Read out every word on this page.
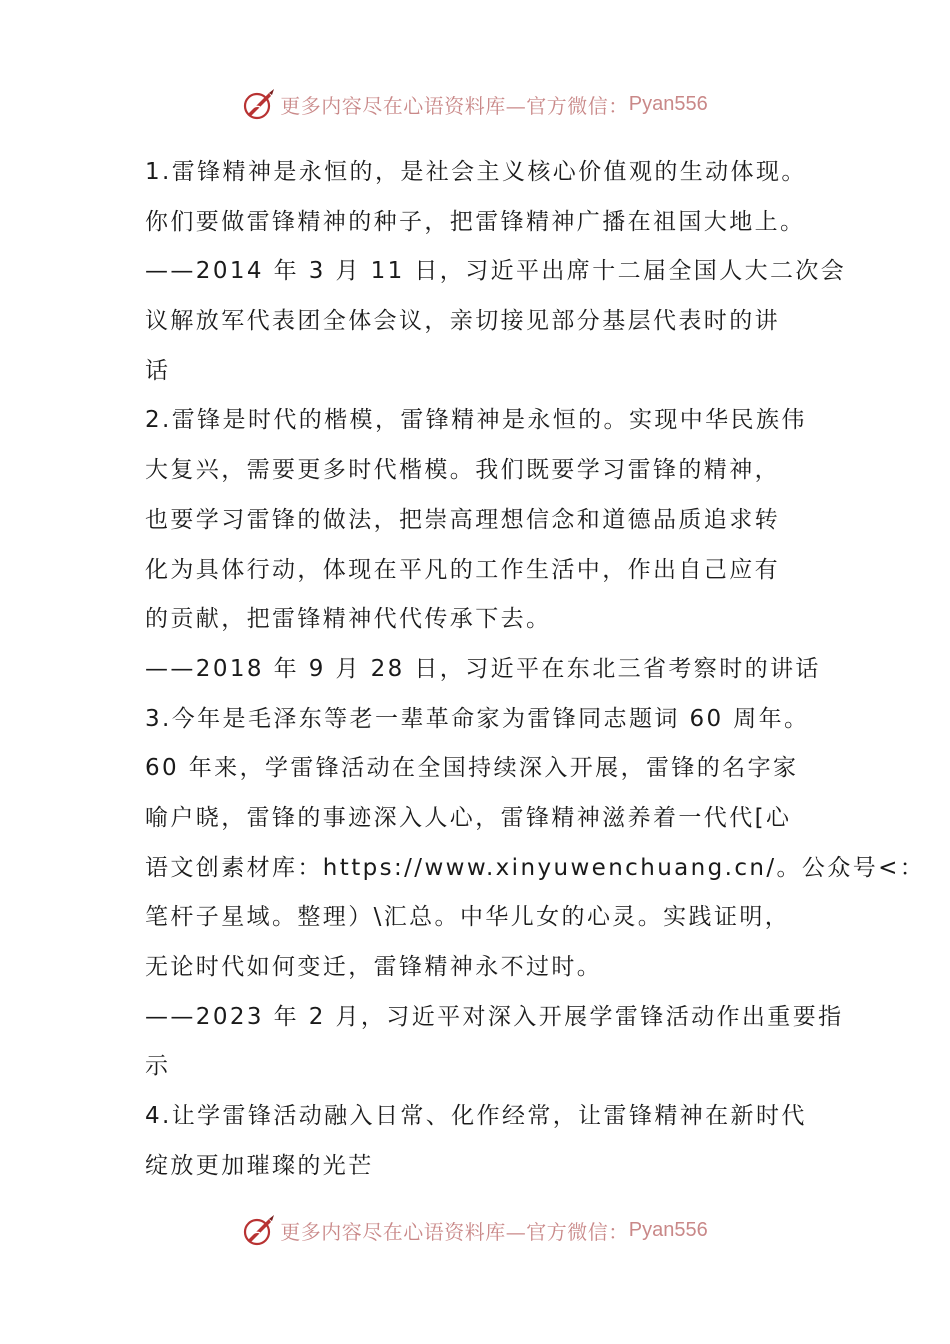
更多内容尽在心语资料库—官方微信： Pyan556
1.雷锋精神是永恒的，是社会主义核心价值观的生动体现。
你们要做雷锋精神的种子，把雷锋精神广播在祖国大地上。
——2014 年 3 月 11 日，习近平出席十二届全国人大二次会
议解放军代表团全体会议，亲切接见部分基层代表时的讲
话
2.雷锋是时代的楷模，雷锋精神是永恒的。实现中华民族伟
大复兴，需要更多时代楷模。我们既要学习雷锋的精神，
也要学习雷锋的做法，把崇高理想信念和道德品质追求转
化为具体行动，体现在平凡的工作生活中，作出自己应有
的贡献，把雷锋精神代代传承下去。
——2018 年 9 月 28 日，习近平在东北三省考察时的讲话
3.今年是毛泽东等老一辈革命家为雷锋同志题词 60 周年。
60 年来，学雷锋活动在全国持续深入开展，雷锋的名字家
喻户晓，雷锋的事迹深入人心，雷锋精神滋养着一代代[心
语文创素材库：https://www.xinyuwenchuang.cn/。公众号<：
笔杆子星域。整理）\汇总。中华儿女的心灵。实践证明，
无论时代如何变迁，雷锋精神永不过时。
——2023 年 2 月，习近平对深入开展学雷锋活动作出重要指
示
4.让学雷锋活动融入日常、化作经常，让雷锋精神在新时代
绽放更加璀璨的光芒
更多内容尽在心语资料库—官方微信： Pyan556
